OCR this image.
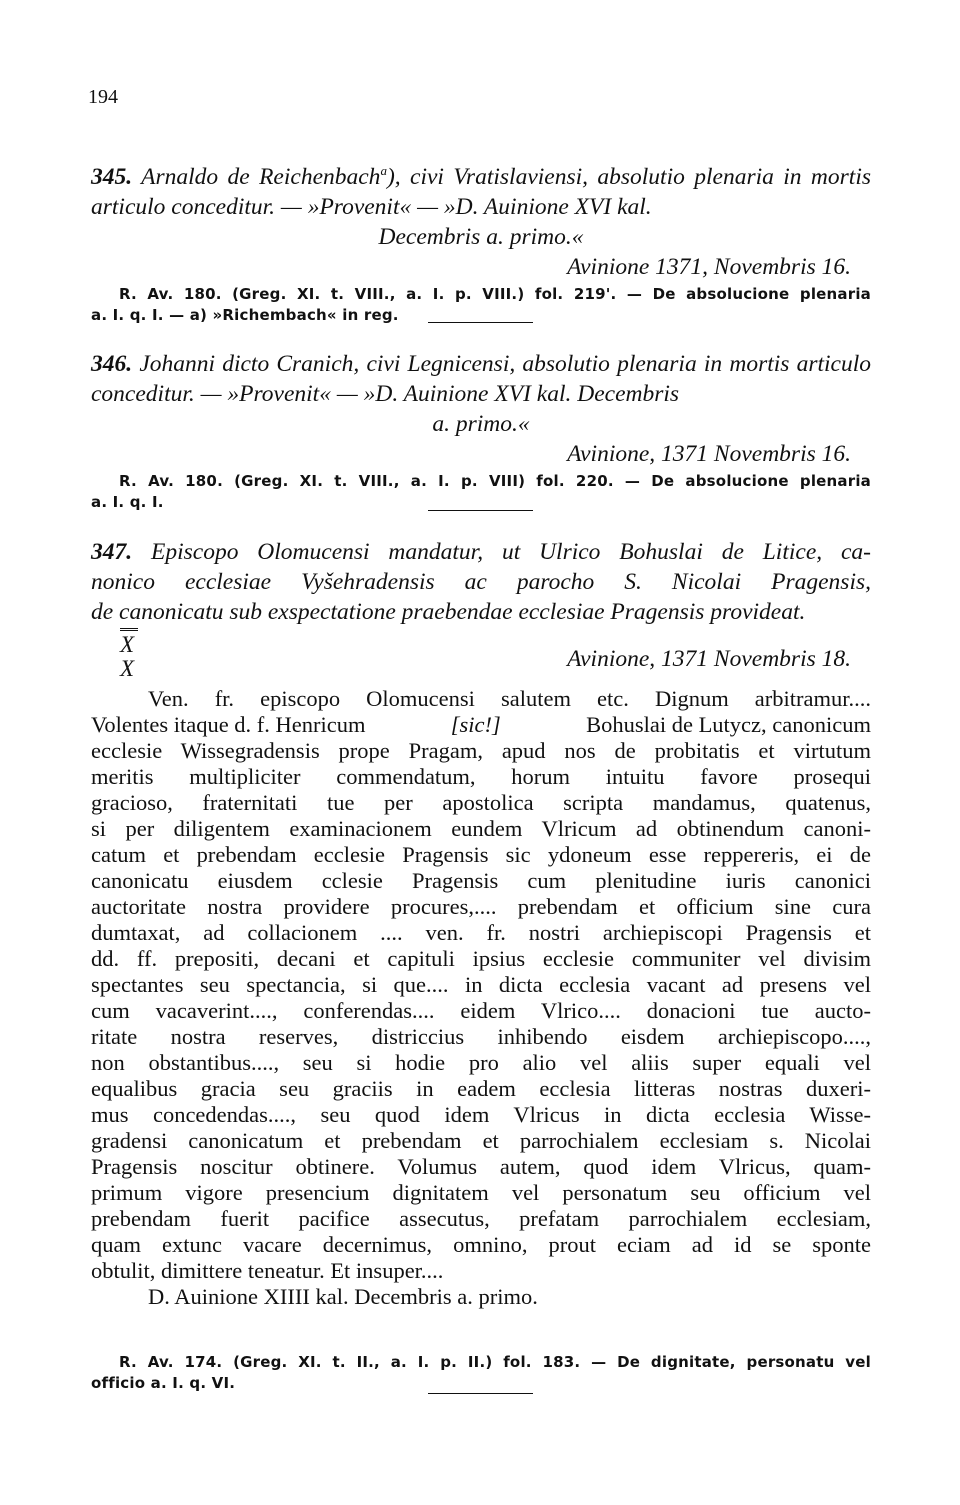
194

345. Arnaldo de Reichenbach$^a$), civi Vratislaviensi, absolutio plenaria in mortis articulo conceditur. — »Provenit« — »D. Auinione XVI kal.

Decembris a. primo.«

Avinione 1371, Novembris 16.

R. Av. 180. (Greg. XI. t. VIII., a. I. p. VIII.) fol. 219'. — De absolucione plenaria

a. I. q. I. — a) »Richembach« in reg.

346. Johanni dicto Cranich, civi Legnicensi, absolutio plenaria in mortis articulo conceditur. — »Provenit« — »D. Auinione XVI kal. Decembris

a. primo.«

Avinione, 1371 Novembris 16.

R. Av. 180. (Greg. XI. t. VIII., a. I. p. VIII) fol. 220. — De absolucione plenaria

a. I. q. I.

347. Episcopo Olomucensi mandatur, ut Ulrico Bohuslai de Litice, ca-

nonico ecclesiae Vyšehradensis ac parocho S. Nicolai Pragensis,

de canonicatu sub exspectatione praebendae ecclesiae Pragensis provideat.

X
X	Avinione, 1371 Novembris 18.

Ven. fr. episcopo Olomucensi salutem etc. Dignum arbitramur....
Volentes itaque d. f. Henricum	[sic!]	Bohuslai de Lutycz, canonicum
ecclesie Wissegradensis prope Pragam, apud nos de probitatis et virtutum
meritis multipliciter commendatum, horum intuitu favore prosequi
gracioso, fraternitati tue per apostolica scripta mandamus, quatenus,
si per diligentem examinacionem eundem Vlricum ad obtinendum canoni-
catum et prebendam ecclesie Pragensis sic ydoneum esse reppereris, ei de
canonicatu eiusdem cclesie Pragensis cum plenitudine iuris canonici
auctoritate nostra providere procures,.... prebendam et officium sine cura
dumtaxat, ad collacionem .... ven. fr. nostri archiepiscopi Pragensis et
dd. ff. prepositi, decani et capituli ipsius ecclesie communiter vel divisim
spectantes seu spectancia, si que.... in dicta ecclesia vacant ad presens vel
cum vacaverint...., conferendas.... eidem Vlrico.... donacioni tue aucto-
ritate nostra reserves, districcius inhibendo eisdem archiepiscopo....,
non obstantibus...., seu si hodie pro alio vel aliis super equali vel
equalibus gracia seu graciis in eadem ecclesia litteras nostras duxeri-
mus concedendas...., seu quod idem Vlricus in dicta ecclesia Wisse-
gradensi canonicatum et prebendam et parrochialem ecclesiam s. Nicolai
Pragensis noscitur obtinere. Volumus autem, quod idem Vlricus, quam-
primum vigore presencium dignitatem vel personatum seu officium vel
prebendam fuerit pacifice assecutus, prefatam parrochialem ecclesiam,
quam extunc vacare decernimus, omnino, prout eciam ad id se sponte
obtulit, dimittere teneatur. Et insuper....
D. Auinione XIIII kal. Decembris a. primo.

R. Av. 174. (Greg. XI. t. II., a. I. p. II.) fol. 183. — De dignitate, personatu vel

officio a. I. q. VI.
